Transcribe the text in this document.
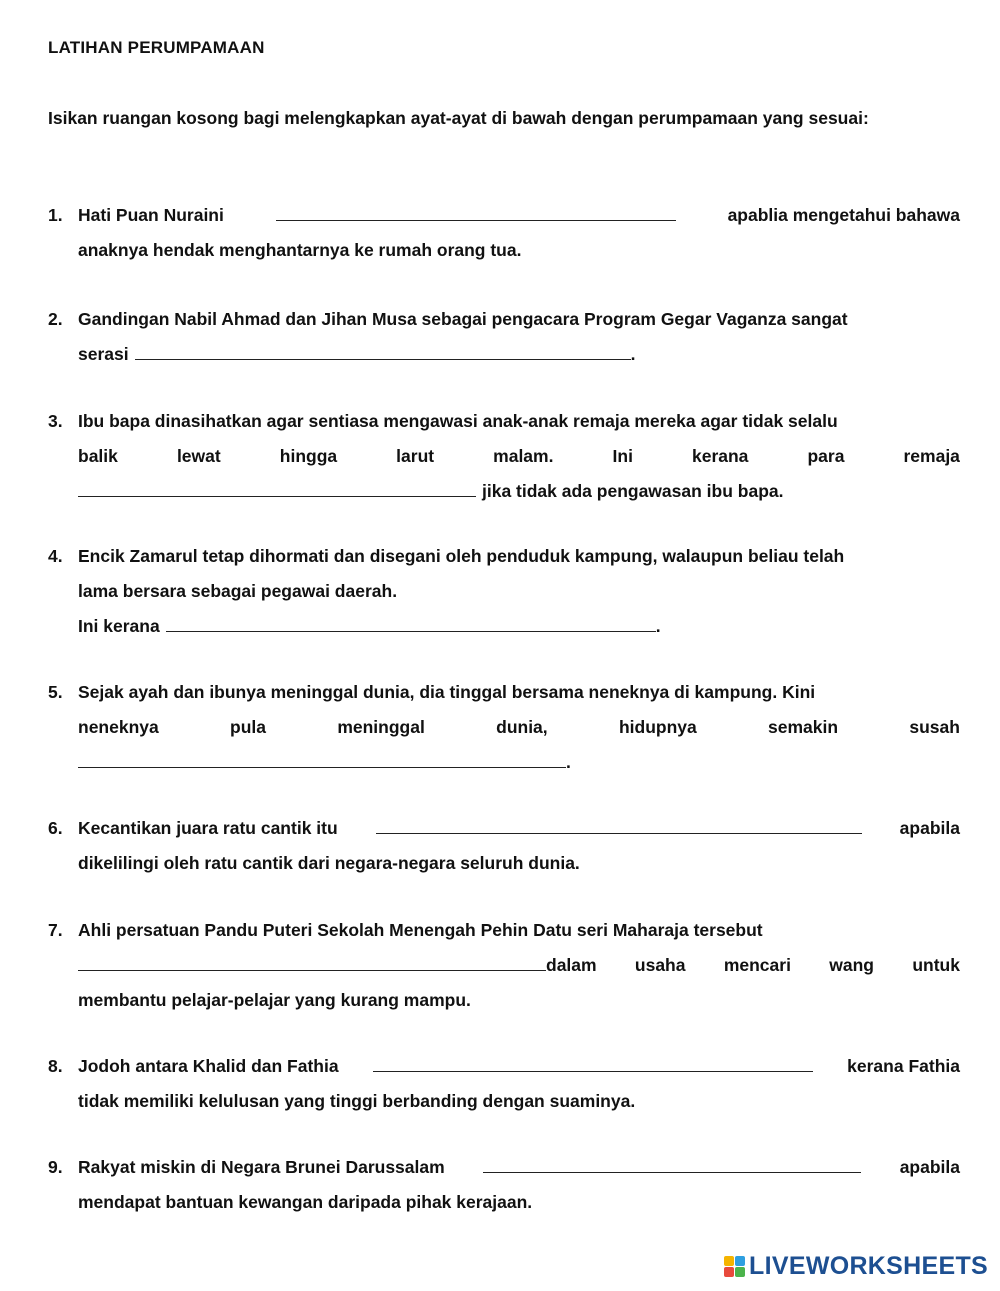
LATIHAN PERUMPAMAAN
Isikan ruangan kosong bagi melengkapkan ayat-ayat di bawah dengan perumpamaan yang sesuai:
1. Hati Puan Nuraini	apablia mengetahui bahawa
anaknya hendak menghantarnya ke rumah orang tua.
2. Gandingan Nabil Ahmad dan Jihan Musa sebagai pengacara Program Gegar Vaganza sangat
serasi	.
3. Ibu bapa dinasihatkan agar sentiasa mengawasi anak-anak remaja mereka agar tidak selalu
balik	lewat	hingga	larut	malam.	Ini	kerana	para	remaja
jika tidak ada pengawasan ibu bapa.
4. Encik Zamarul tetap dihormati dan disegani oleh penduduk kampung, walaupun beliau telah
lama bersara sebagai pegawai daerah.
Ini kerana	.
5. Sejak ayah dan ibunya meninggal dunia, dia tinggal bersama neneknya di kampung. Kini
neneknya	pula	meninggal	dunia,	hidupnya	semakin	susah
.
6. Kecantikan juara ratu cantik itu	apabila
dikelilingi oleh ratu cantik dari negara-negara seluruh dunia.
7. Ahli persatuan Pandu Puteri Sekolah Menengah Pehin Datu seri Maharaja tersebut
dalam usaha mencari wang untuk
membantu pelajar-pelajar yang kurang mampu.
8. Jodoh antara Khalid dan Fathia	kerana Fathia
tidak memiliki kelulusan yang tinggi berbanding dengan suaminya.
9. Rakyat miskin di Negara Brunei Darussalam	apabila
mendapat bantuan kewangan daripada pihak kerajaan.
LIVEWORKSHEETS
